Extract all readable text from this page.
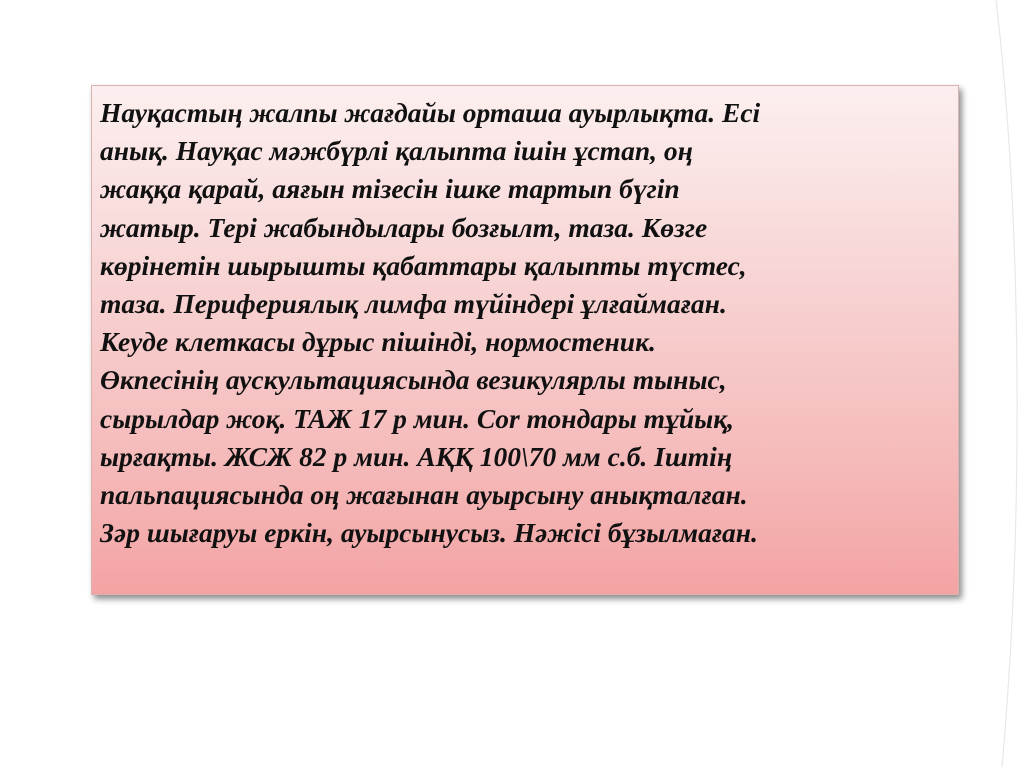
Науқастың жалпы жағдайы орташа ауырлықта. Есі
анық. Науқас мәжбүрлі қалыпта ішін ұстап, оң
жаққа қарай, аяғын тізесін ішке тартып бүгіп
жатыр. Тері жабындылары бозғылт, таза. Көзге
көрінетін шырышты қабаттары қалыпты түстес,
таза. Перифериялық лимфа түйіндері ұлғаймаған.
Кеуде клеткасы дұрыс пішінді, нормостеник.
Өкпесінің аускультациясында везикулярлы тыныс,
сырылдар жоқ. ТАЖ 17 р мин. Cor тондары тұйық,
ырғақты. ЖСЖ 82 р мин. АҚҚ 100\70 мм с.б. Іштің
пальпациясында оң жағынан ауырсыну анықталған.
Зәр шығаруы еркін, ауырсынусыз. Нәжісі бұзылмаған.
